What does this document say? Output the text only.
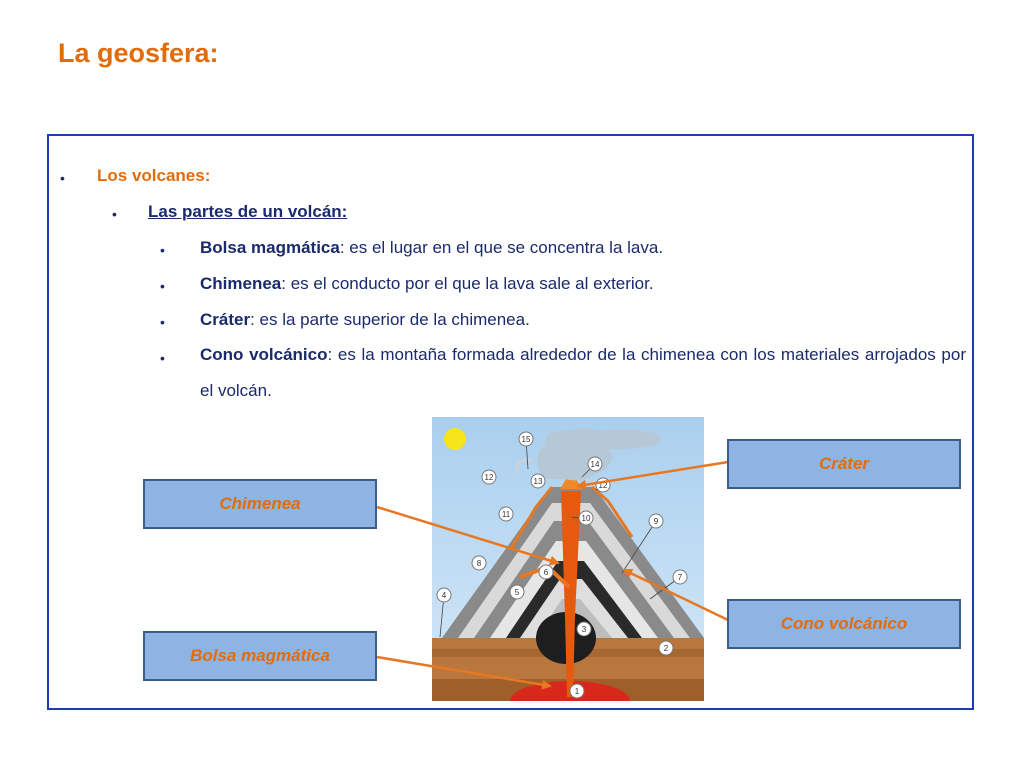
La geosfera:
• Los volcanes:
• Las partes de un volcán:
• Bolsa magmática: es el lugar en el que se concentra la lava.
• Chimenea: es el conducto por el que la lava sale al exterior.
• Cráter: es la parte superior de la chimenea.
• Cono volcánico: es la montaña formada alrededor de la chimenea con los materiales arrojados por el volcán.
1
2
3
4	5
6
7
8
9
10
11
12
12
13
14
15
Cráter
Chimenea
Cono volcánico
Bolsa magmática
